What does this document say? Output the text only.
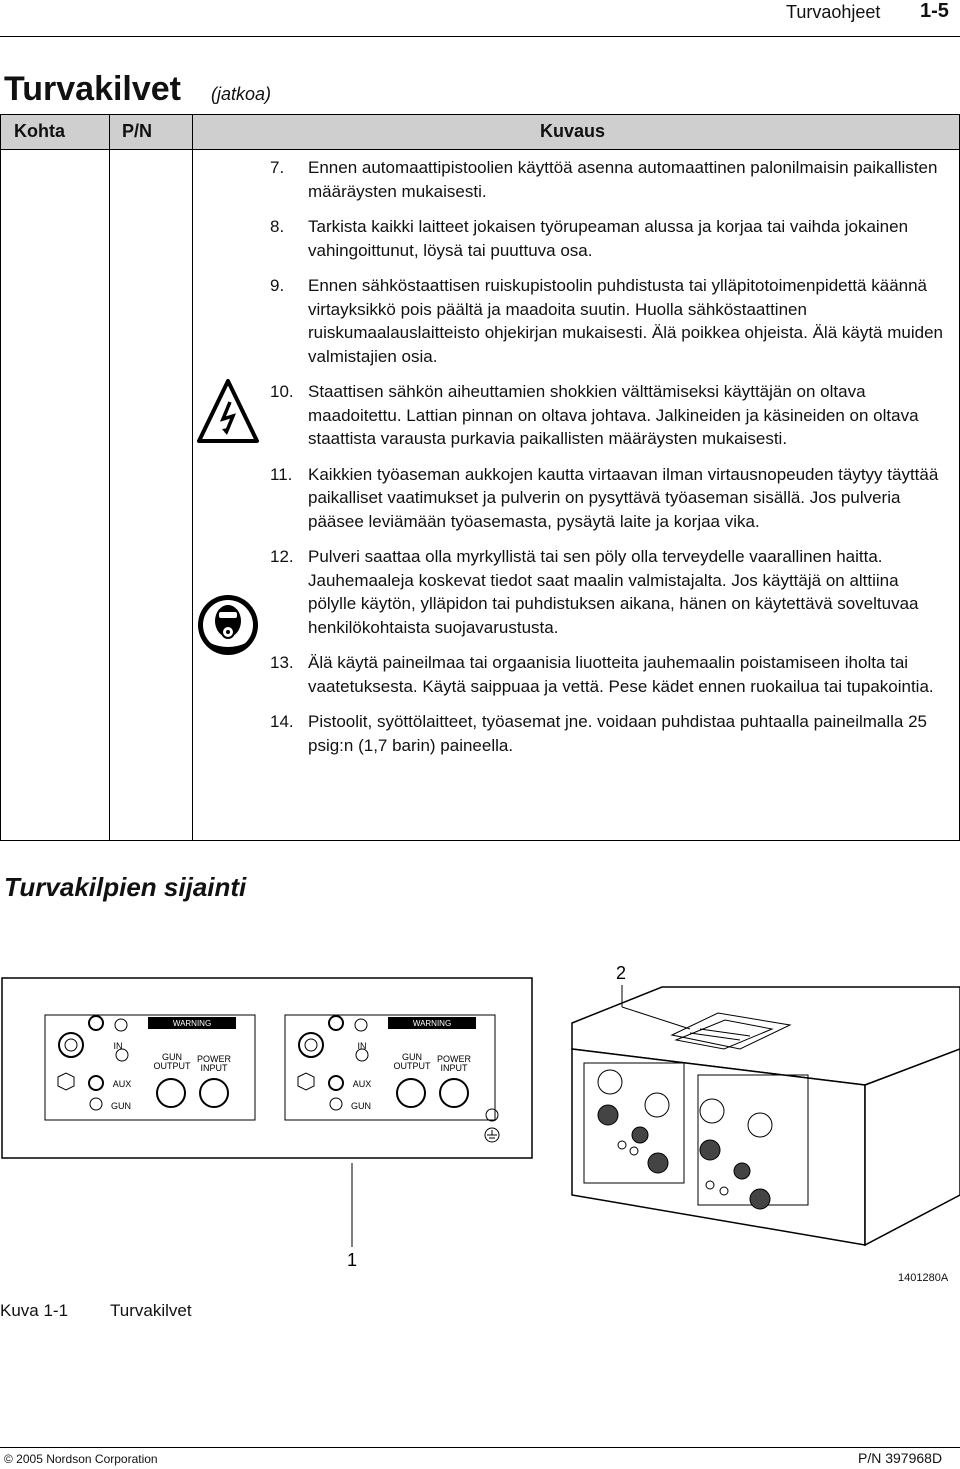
Turvaohjeet 1-5
Turvakilvet (jatkoa)
Kohta	P/N	Kuvaus
7. Ennen automaattipistoolien käyttöä asenna automaattinen palonilmaisin paikallisten määräysten mukaisesti.
8. Tarkista kaikki laitteet jokaisen työrupeaman alussa ja korjaa tai vaihda jokainen vahingoittunut, löysä tai puuttuva osa.
9. Ennen sähköstaattisen ruiskupistoolin puhdistusta tai ylläpitotoimenpidettä käännä virtayksikkö pois päältä ja maadoita suutin. Huolla sähköstaattinen ruiskumaalauslaitteisto ohjekirjan mukaisesti. Älä poikkea ohjeista. Älä käytä muiden valmistajien osia.
10. Staattisen sähkön aiheuttamien shokkien välttämiseksi käyttäjän on oltava maadoitettu. Lattian pinnan on oltava johtava. Jalkineiden ja käsineiden on oltava staattista varausta purkavia paikallisten määräysten mukaisesti.
11. Kaikkien työaseman aukkojen kautta virtaavan ilman virtausnopeuden täytyy täyttää paikalliset vaatimukset ja pulverin on pysyttävä työaseman sisällä. Jos pulveria pääsee leviämään työasemasta, pysäytä laite ja korjaa vika.
12. Pulveri saattaa olla myrkyllistä tai sen pöly olla terveydelle vaarallinen haitta. Jauhemaaleja koskevat tiedot saat maalin valmistajalta. Jos käyttäjä on alttiina pölylle käytön, ylläpidon tai puhdistuksen aikana, hänen on käytettävä soveltuvaa henkilökohtaista suojavarustusta.
13. Älä käytä paineilmaa tai orgaanisia liuotteita jauhemaalin poistamiseen iholta tai vaatetuksesta. Käytä saippuaa ja vettä. Pese kädet ennen ruokailua tai tupakointia.
14. Pistoolit, syöttölaitteet, työasemat jne. voidaan puhdistaa puhtaalla paineilmalla 25 psig:n (1,7 barin) paineella.
Turvakilpien sijainti
WARNING
IN
AUX
GUN
GUN
OUTPUT
POWER
INPUT
WARNING
IN
AUX
GUN
GUN
OUTPUT
POWER
INPUT
1
2
1401280A
Kuva 1-1 Turvakilvet
© 2005 Nordson Corporation	P/N 397968D
